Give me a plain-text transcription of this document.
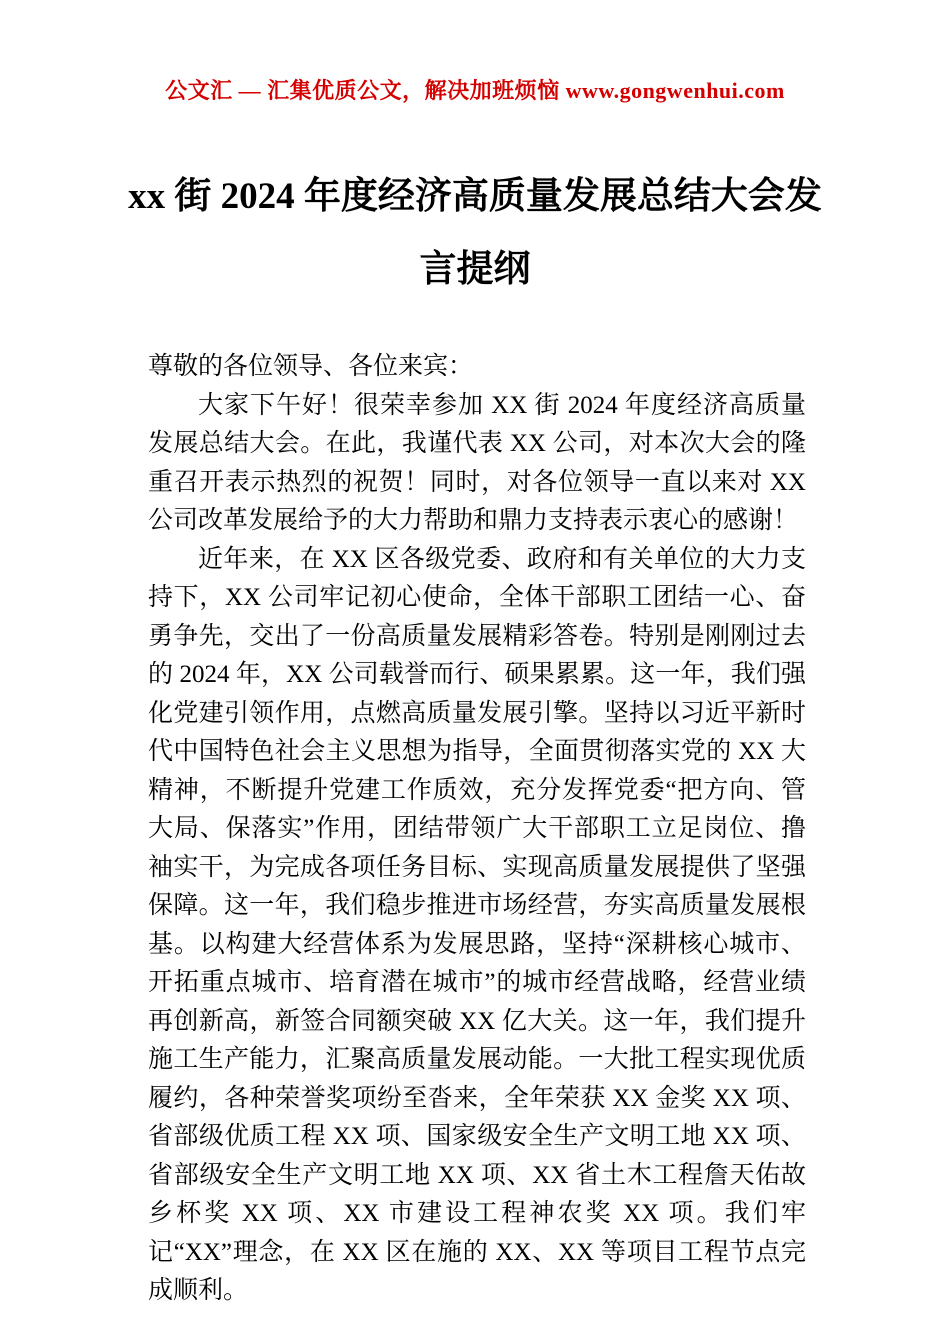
公文汇 — 汇集优质公文，解决加班烦恼 www.gongwenhui.com
xx 街 2024 年度经济高质量发展总结大会发言提纲

尊敬的各位领导、各位来宾：

大家下午好！很荣幸参加 XX 街 2024 年度经济高质量发展总结大会。在此，我谨代表 XX 公司，对本次大会的隆重召开表示热烈的祝贺！同时，对各位领导一直以来对 XX 公司改革发展给予的大力帮助和鼎力支持表示衷心的感谢！

近年来，在 XX 区各级党委、政府和有关单位的大力支持下，XX 公司牢记初心使命，全体干部职工团结一心、奋勇争先，交出了一份高质量发展精彩答卷。特别是刚刚过去的 2024 年，XX 公司载誉而行、硕果累累。这一年，我们强化党建引领作用，点燃高质量发展引擎。坚持以习近平新时代中国特色社会主义思想为指导，全面贯彻落实党的 XX 大精神，不断提升党建工作质效，充分发挥党委“把方向、管大局、保落实”作用，团结带领广大干部职工立足岗位、撸袖实干，为完成各项任务目标、实现高质量发展提供了坚强保障。这一年，我们稳步推进市场经营，夯实高质量发展根基。以构建大经营体系为发展思路，坚持“深耕核心城市、开拓重点城市、培育潜在城市”的城市经营战略，经营业绩再创新高，新签合同额突破 XX 亿大关。这一年，我们提升施工生产能力，汇聚高质量发展动能。一大批工程实现优质履约，各种荣誉奖项纷至沓来，全年荣获 XX 金奖 XX 项、省部级优质工程 XX 项、国家级安全生产文明工地 XX 项、省部级安全生产文明工地 XX 项、XX 省土木工程詹天佑故乡杯奖 XX 项、XX 市建设工程神农奖 XX 项。我们牢记“XX”理念，在 XX 区在施的 XX、XX 等项目工程节点完成顺利。
